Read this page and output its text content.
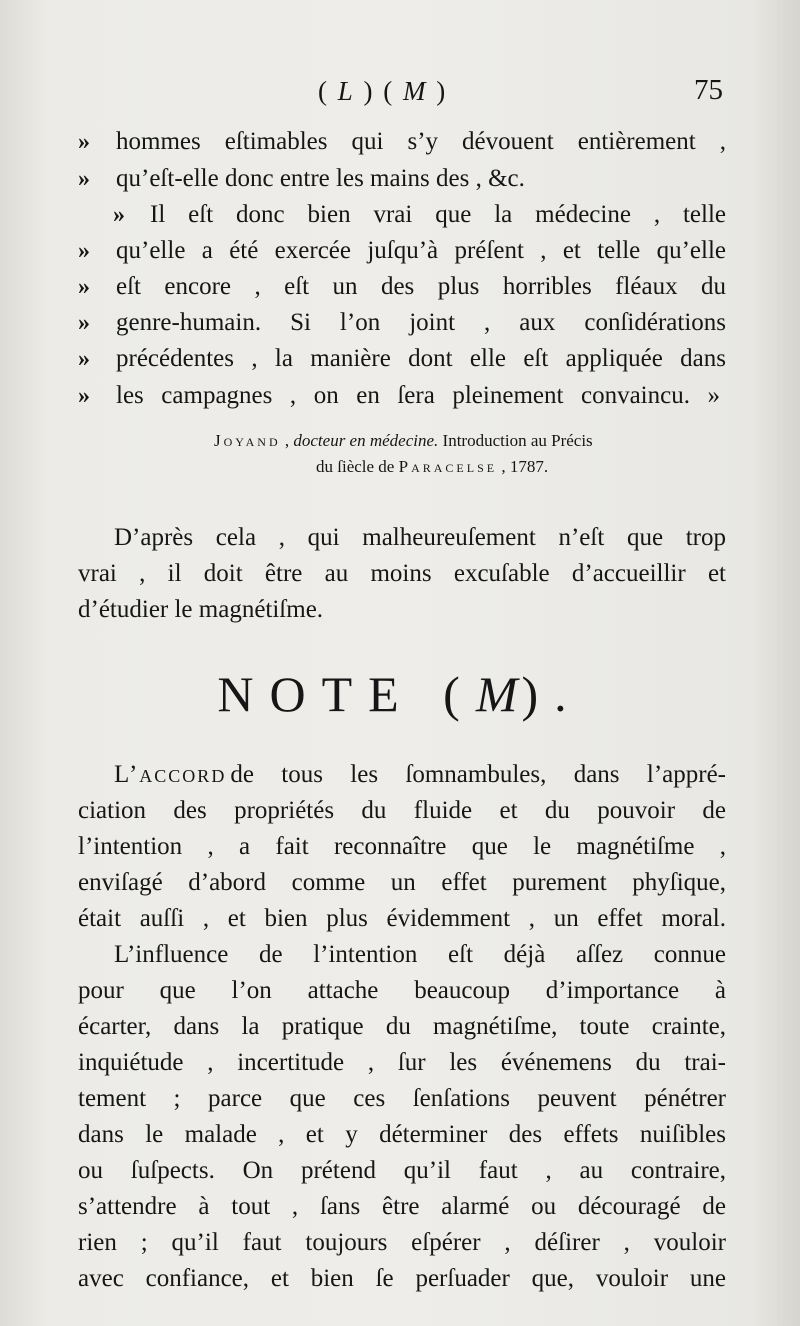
( L ) ( M )	75
»	hommes eſtimables qui s’y dévouent entièrement ,
»	qu’eſt-elle donc entre les mains des , &c.
»	Il eſt donc bien vrai que la médecine , telle
»	qu’elle a été exercée juſqu’à préſent , et telle qu’elle
»	eſt encore , eſt un des plus horribles fléaux du
»	genre-humain. Si l’on joint , aux conſidérations
»	précédentes , la manière dont elle eſt appliquée dans
»	les campagnes , on en ſera pleinement convaincu. »
Joyand , docteur en médecine. Introduction au Précis
du ſiècle de Paracelse , 1787.
D’après cela , qui malheureuſement n’eſt que trop
vrai , il doit être au moins excuſable d’accueillir et
d’étudier le magnétiſme.
NOTE (M).
L’accord de tous les ſomnambules, dans l’appré-
ciation des propriétés du fluide et du pouvoir de
l’intention , a fait reconnaître que le magnétiſme ,
enviſagé d’abord comme un effet purement phyſique,
était auſſi , et bien plus évidemment , un effet moral.
L’influence de l’intention eſt déjà aſſez connue
pour que l’on attache beaucoup d’importance à
écarter, dans la pratique du magnétiſme, toute crainte,
inquiétude , incertitude , ſur les événemens du trai-
tement ; parce que ces ſenſations peuvent pénétrer
dans le malade , et y déterminer des effets nuiſibles
ou ſuſpects. On prétend qu’il faut , au contraire,
s’attendre à tout , ſans être alarmé ou découragé de
rien ; qu’il faut toujours eſpérer , déſirer , vouloir
avec confiance, et bien ſe perſuader que, vouloir une
